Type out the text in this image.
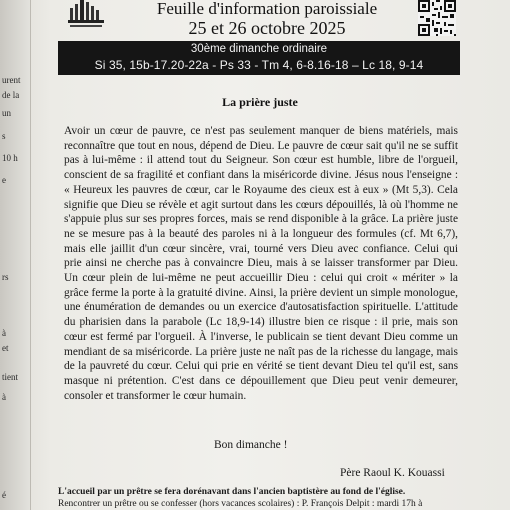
urent
de la
un
s
10 h
e
rs
à
et
tient
à
é
Feuille d'information paroissiale
25 et 26 octobre 2025
30ème dimanche ordinaire
Si 35, 15b-17.20-22a - Ps 33 - Tm 4, 6-8.16-18 – Lc 18, 9-14
La prière juste

Avoir un cœur de pauvre, ce n'est pas seulement manquer de biens matériels, mais reconnaître que tout en nous, dépend de Dieu. Le pauvre de cœur sait qu'il ne se suffit pas à lui-même : il attend tout du Seigneur. Son cœur est humble, libre de l'orgueil, conscient de sa fragilité et confiant dans la miséricorde divine. Jésus nous l'enseigne : « Heureux les pauvres de cœur, car le Royaume des cieux est à eux » (Mt 5,3). Cela signifie que Dieu se révèle et agit surtout dans les cœurs dépouillés, là où l'homme ne s'appuie plus sur ses propres forces, mais se rend disponible à la grâce. La prière juste ne se mesure pas à la beauté des paroles ni à la longueur des formules (cf. Mt 6,7), mais elle jaillit d'un cœur sincère, vrai, tourné vers Dieu avec confiance. Celui qui prie ainsi ne cherche pas à convaincre Dieu, mais à se laisser transformer par Dieu. Un cœur plein de lui-même ne peut accueillir Dieu : celui qui croit « mériter » la grâce ferme la porte à la gratuité divine. Ainsi, la prière devient un simple monologue, une énumération de demandes ou un exercice d'autosatisfaction spirituelle. L'attitude du pharisien dans la parabole (Lc 18,9-14) illustre bien ce risque : il prie, mais son cœur est fermé par l'orgueil. À l'inverse, le publicain se tient devant Dieu comme un mendiant de sa miséricorde. La prière juste ne naît pas de la richesse du langage, mais de la pauvreté du cœur. Celui qui prie en vérité se tient devant Dieu tel qu'il est, sans masque ni prétention. C'est dans ce dépouillement que Dieu peut venir demeurer, consoler et transformer le cœur humain.

Bon dimanche !
Père Raoul K. Kouassi
L'accueil par un prêtre se fera dorénavant dans l'ancien baptistère au fond de l'église.
Rencontrer un prêtre ou se confesser (hors vacances scolaires) : P. François Delpit : mardi 17h à
